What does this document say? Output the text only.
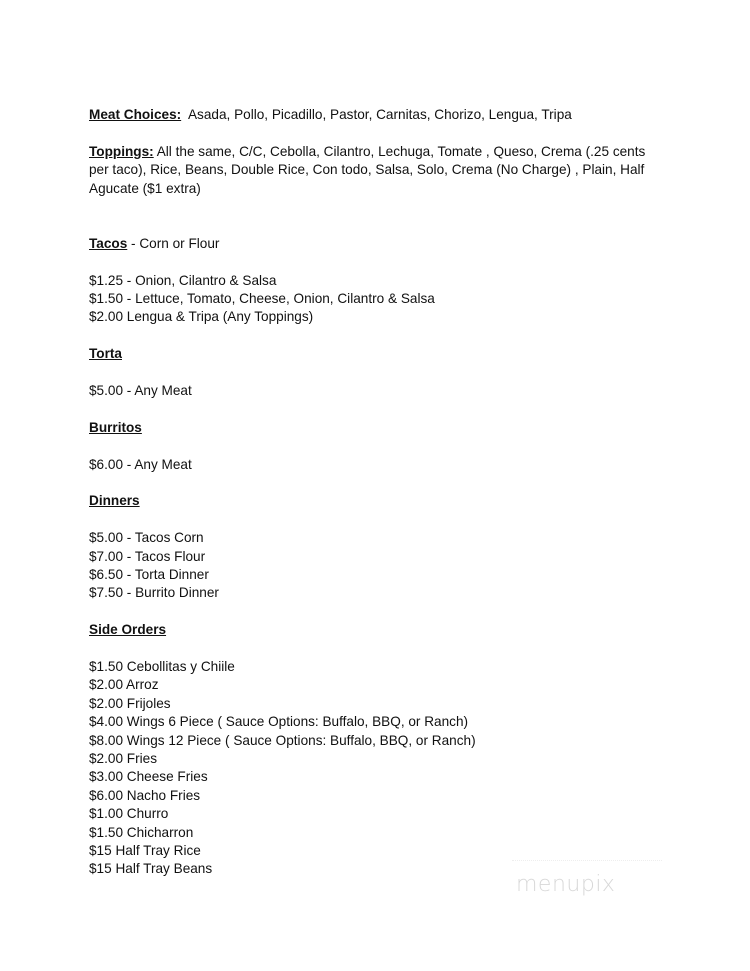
Meat Choices: Asada, Pollo, Picadillo, Pastor, Carnitas, Chorizo, Lengua, Tripa
Toppings: All the same, C/C, Cebolla, Cilantro, Lechuga, Tomate , Queso, Crema (.25 cents
per taco), Rice, Beans, Double Rice, Con todo, Salsa, Solo, Crema (No Charge) , Plain, Half
Agucate ($1 extra)
Tacos - Corn or Flour
$1.25 - Onion, Cilantro & Salsa
$1.50 - Lettuce, Tomato, Cheese, Onion, Cilantro & Salsa
$2.00 Lengua & Tripa (Any Toppings)
Torta
$5.00 - Any Meat
Burritos
$6.00 - Any Meat
Dinners
$5.00 - Tacos Corn
$7.00 - Tacos Flour
$6.50 - Torta Dinner
$7.50 - Burrito Dinner
Side Orders
$1.50 Cebollitas y Chiile
$2.00 Arroz
$2.00 Frijoles
$4.00 Wings 6 Piece ( Sauce Options: Buffalo, BBQ, or Ranch)
$8.00 Wings 12 Piece ( Sauce Options: Buffalo, BBQ, or Ranch)
$2.00 Fries
$3.00 Cheese Fries
$6.00 Nacho Fries
$1.00 Churro
$1.50 Chicharron
$15 Half Tray Rice
$15 Half Tray Beans
menupix
